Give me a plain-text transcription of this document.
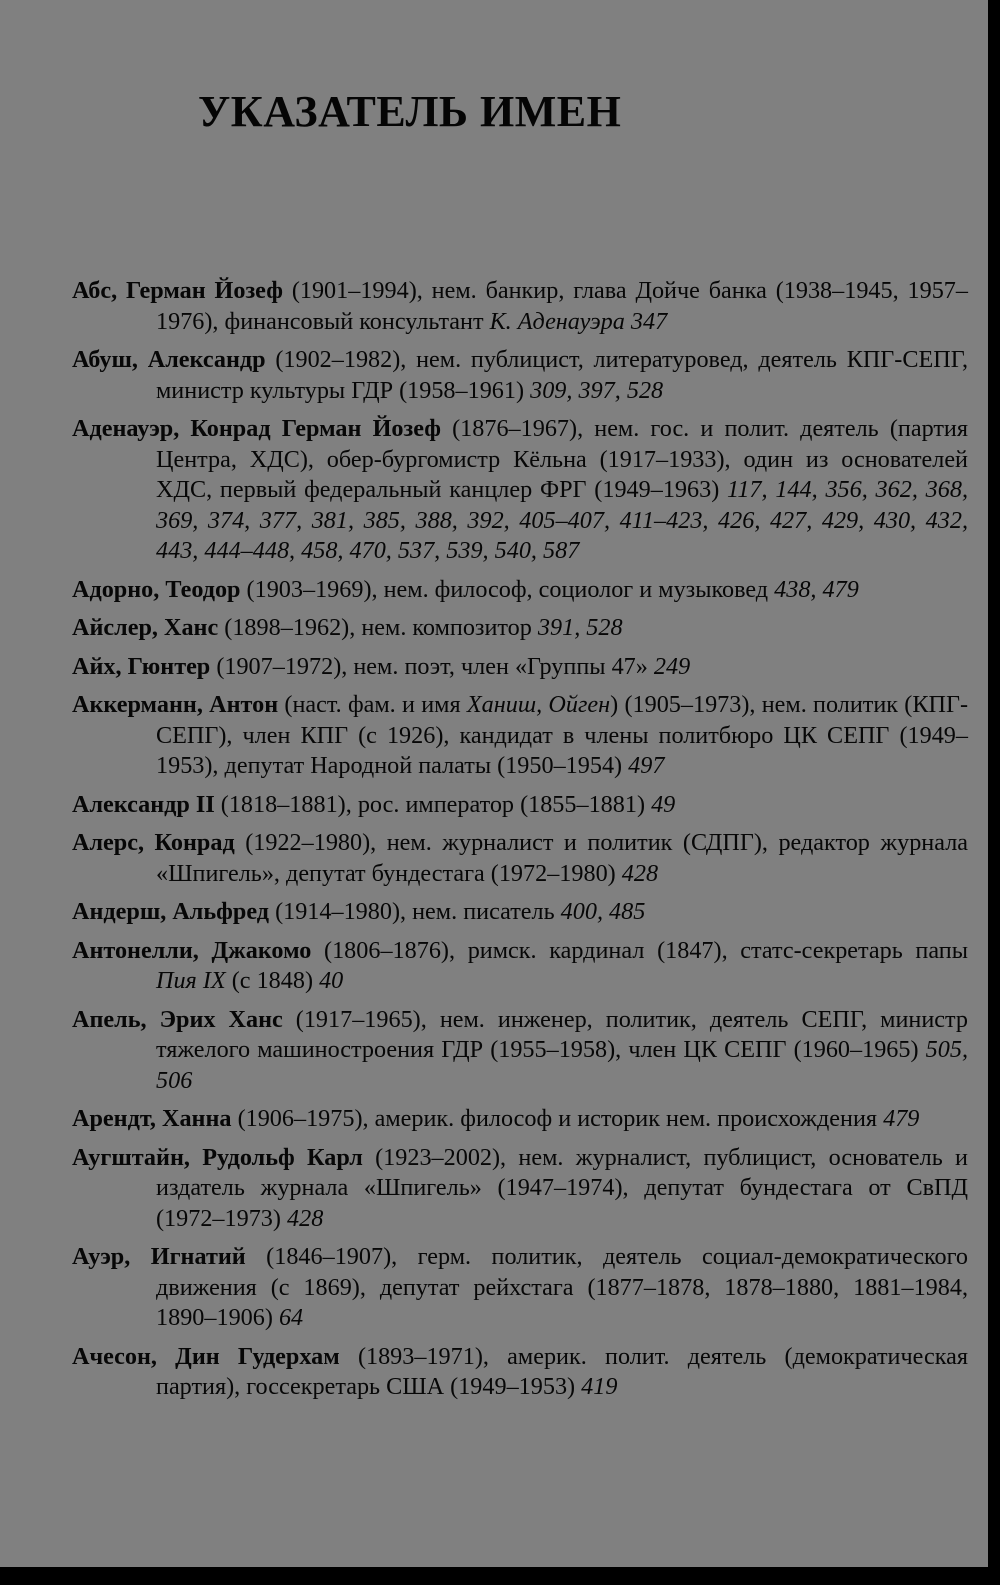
УКАЗАТЕЛЬ ИМЕН
Абс, Герман Йозеф (1901–1994), нем. банкир, глава Дойче банка (1938–1945, 1957–1976), финансовый консультант К. Аденауэра 347
Абуш, Александр (1902–1982), нем. публицист, литературовед, деятель КПГ-СЕПГ, министр культуры ГДР (1958–1961) 309, 397, 528
Аденауэр, Конрад Герман Йозеф (1876–1967), нем. гос. и полит. деятель (партия Центра, ХДС), обер-бургомистр Кёльна (1917–1933), один из основателей ХДС, первый федеральный канцлер ФРГ (1949–1963) 117, 144, 356, 362, 368, 369, 374, 377, 381, 385, 388, 392, 405–407, 411–423, 426, 427, 429, 430, 432, 443, 444–448, 458, 470, 537, 539, 540, 587
Адорно, Теодор (1903–1969), нем. философ, социолог и музыковед 438, 479
Айслер, Ханс (1898–1962), нем. композитор 391, 528
Айх, Гюнтер (1907–1972), нем. поэт, член «Группы 47» 249
Аккерманн, Антон (наст. фам. и имя Ханиш, Ойген) (1905–1973), нем. политик (КПГ-СЕПГ), член КПГ (с 1926), кандидат в члены политбюро ЦК СЕПГ (1949–1953), депутат Народной палаты (1950–1954) 497
Александр II (1818–1881), рос. император (1855–1881) 49
Алерс, Конрад (1922–1980), нем. журналист и политик (СДПГ), редактор журнала «Шпигель», депутат бундестага (1972–1980) 428
Андерш, Альфред (1914–1980), нем. писатель 400, 485
Антонелли, Джакомо (1806–1876), римск. кардинал (1847), статс-секретарь папы Пия IX (с 1848) 40
Апель, Эрих Ханс (1917–1965), нем. инженер, политик, деятель СЕПГ, министр тяжелого машиностроения ГДР (1955–1958), член ЦК СЕПГ (1960–1965) 505, 506
Арендт, Ханна (1906–1975), америк. философ и историк нем. происхождения 479
Аугштайн, Рудольф Карл (1923–2002), нем. журналист, публицист, основатель и издатель журнала «Шпигель» (1947–1974), депутат бундестага от СвПД (1972–1973) 428
Ауэр, Игнатий (1846–1907), герм. политик, деятель социал-демократического движения (с 1869), депутат рейхстага (1877–1878, 1878–1880, 1881–1984, 1890–1906) 64
Ачесон, Дин Гудерхам (1893–1971), америк. полит. деятель (демократическая партия), госсекретарь США (1949–1953) 419
